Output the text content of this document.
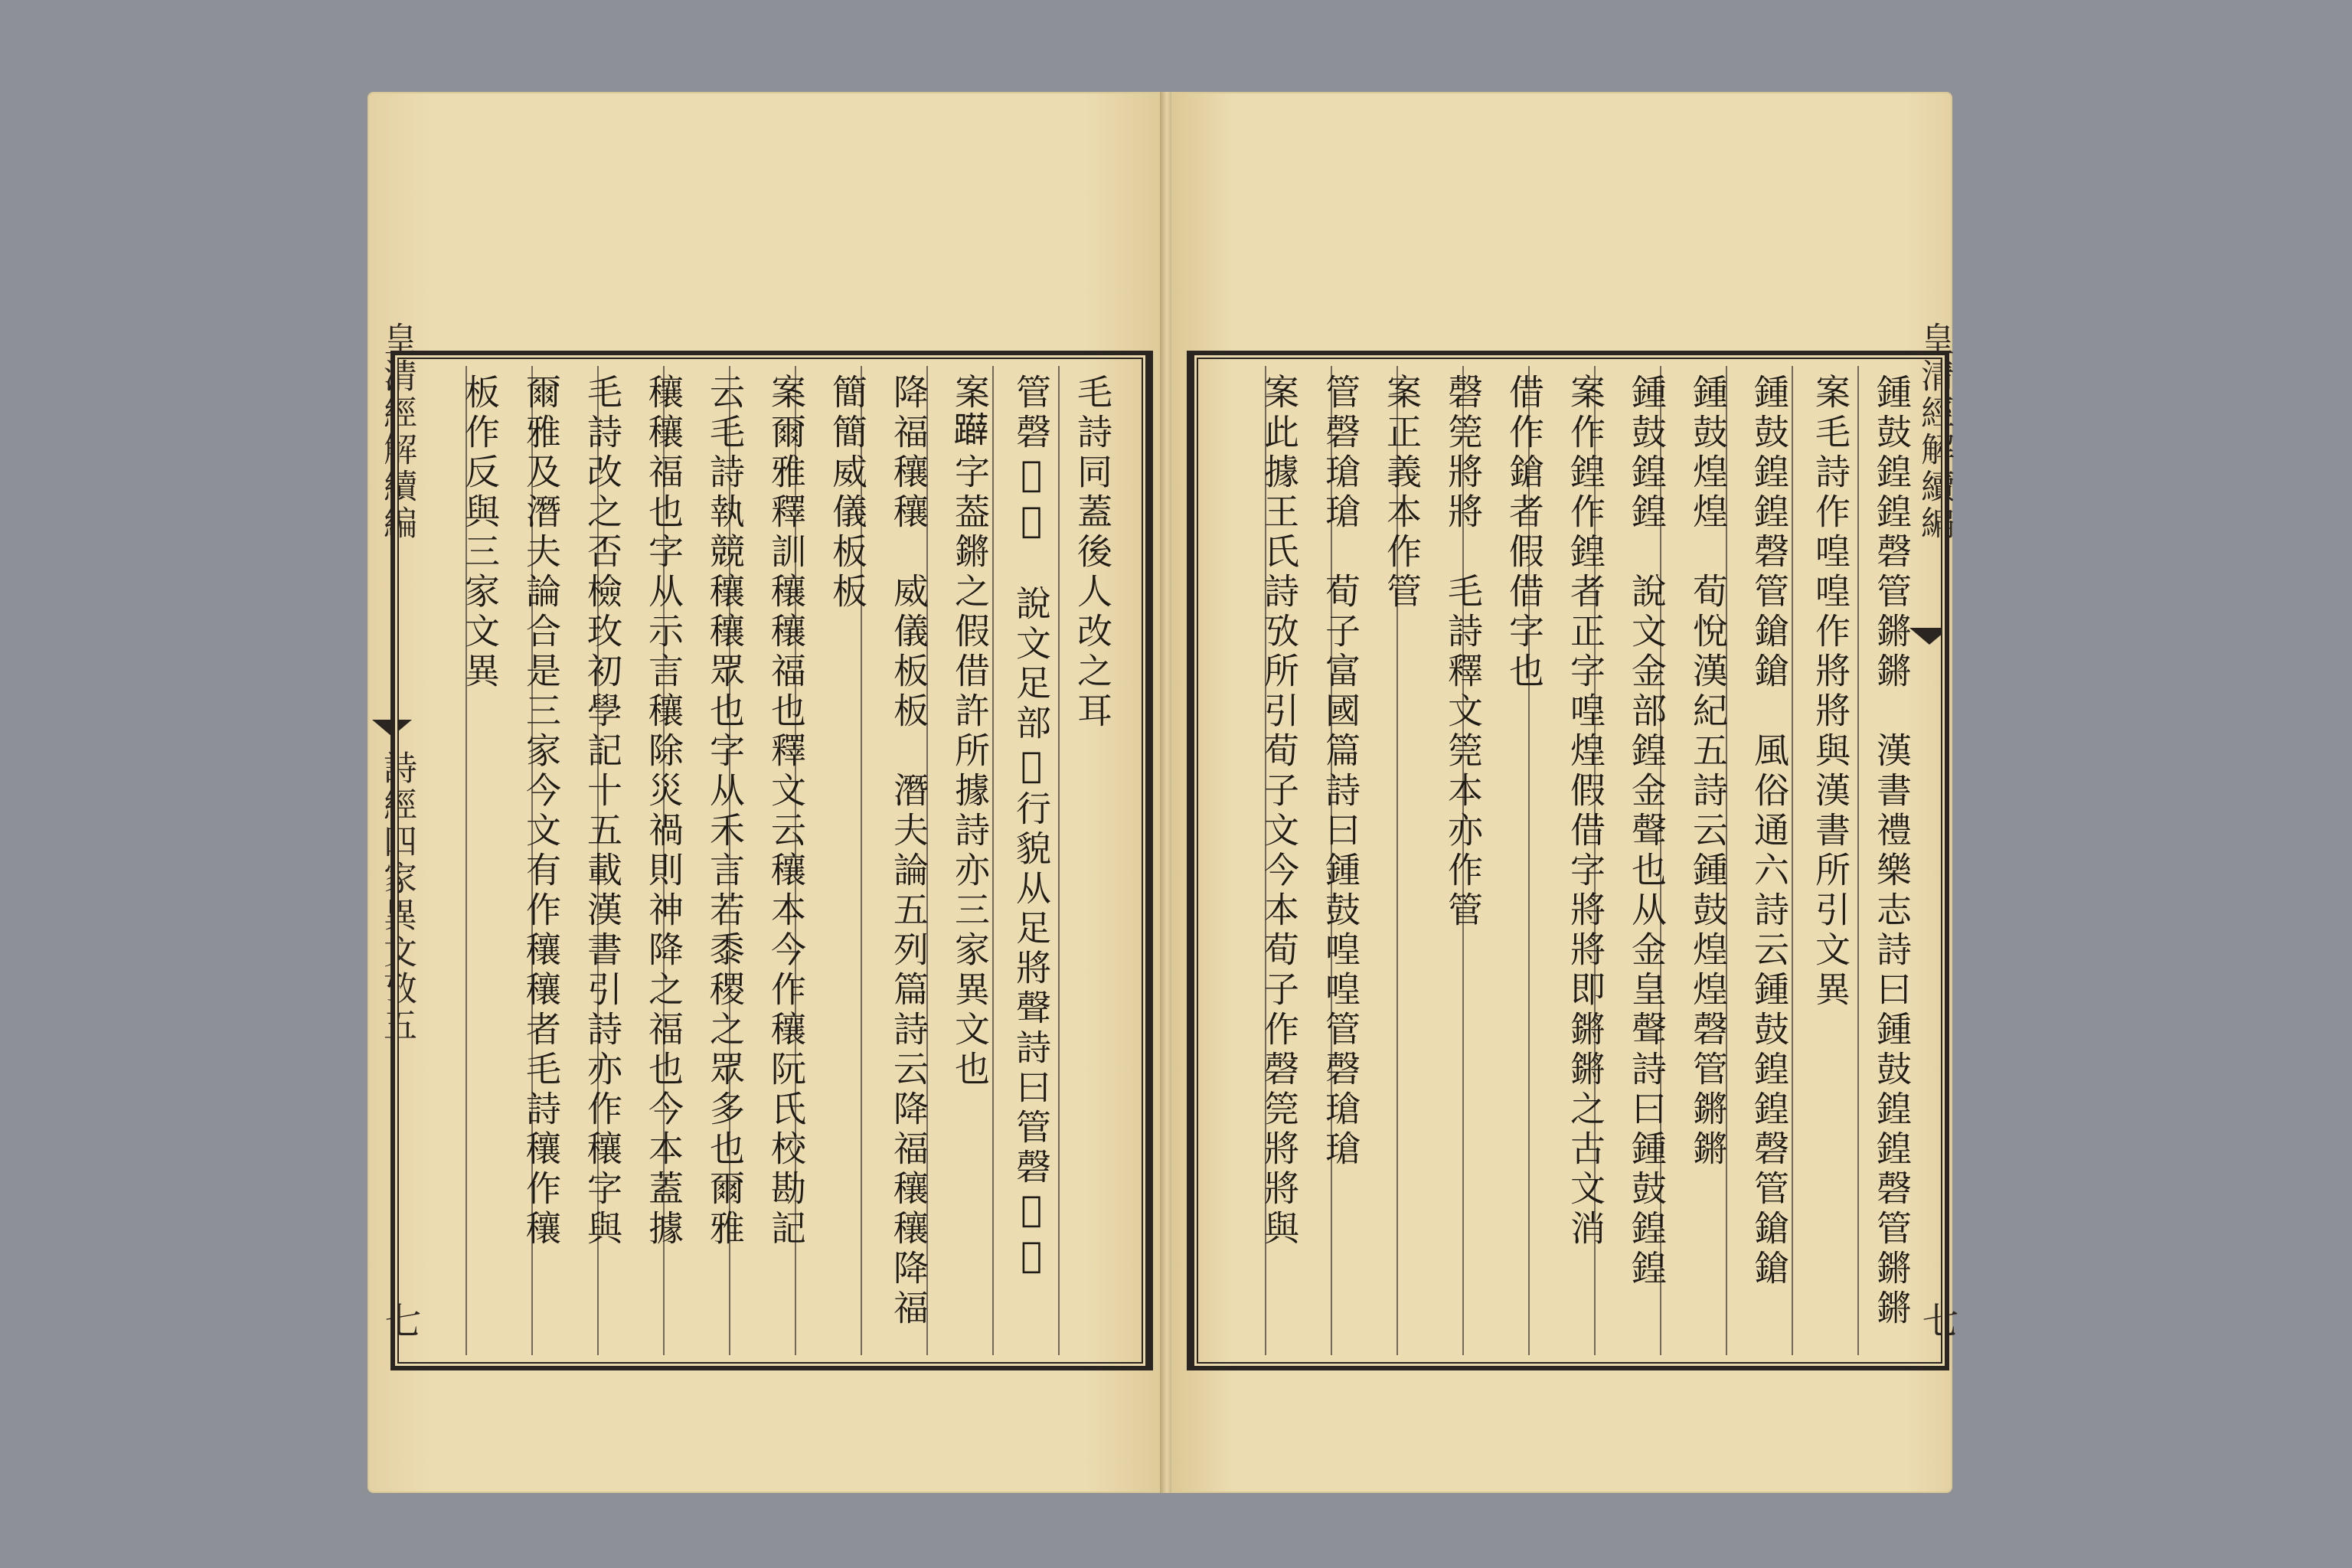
皇清經解續編
詩經四家異文攷五
七
毛詩同蓋後人改之耳
管磬𤪝𤪝　說文足部𨇨行貌从足將聲詩曰管磬𨇨𨇨
案𨇨字葢鏘之假借許所據詩亦三家異文也
降福穰穰　威儀板板　潛夫論五列篇詩云降福穰穰降福
簡簡威儀板板
案爾雅釋訓穰穰福也釋文云穰本今作穰阮氏校勘記
云毛詩執競穰穰眾也字从禾言若黍稷之眾多也爾雅
穰穰福也字从示言穰除災禍則神降之福也今本蓋據
毛詩改之否檢玫初學記十五載漢書引詩亦作穰字與
爾雅及潛夫論合是三家今文有作穰穰者毛詩穰作穰
板作反與三家文異	皇清經解續編
七
鍾鼓鍠鍠磬管鏘鏘　漢書禮樂志詩曰鍾鼓鍠鍠磬管鏘鏘
案毛詩作喤喤作將將與漢書所引文異
鍾鼓鍠鍠磬管鎗鎗　風俗通六詩云鍾鼓鍠鍠磬管鎗鎗
鍾鼓煌煌　荀悅漢紀五詩云鍾鼓煌煌磬管鏘鏘
鍾鼓鍠鍠　說文金部鍠金聲也从金皇聲詩曰鍾鼓鍠鍠
案作鍠作鍠者正字喤煌假借字將將即鏘鏘之古文消
借作鎗者假借字也
磬筦將將　毛詩釋文筦本亦作管
案正義本作管
管磬瑲瑲　荀子富國篇詩曰鍾鼓喤喤管磬瑲瑲
案此據王氏詩攷所引荀子文今本荀子作磬筦將將與
